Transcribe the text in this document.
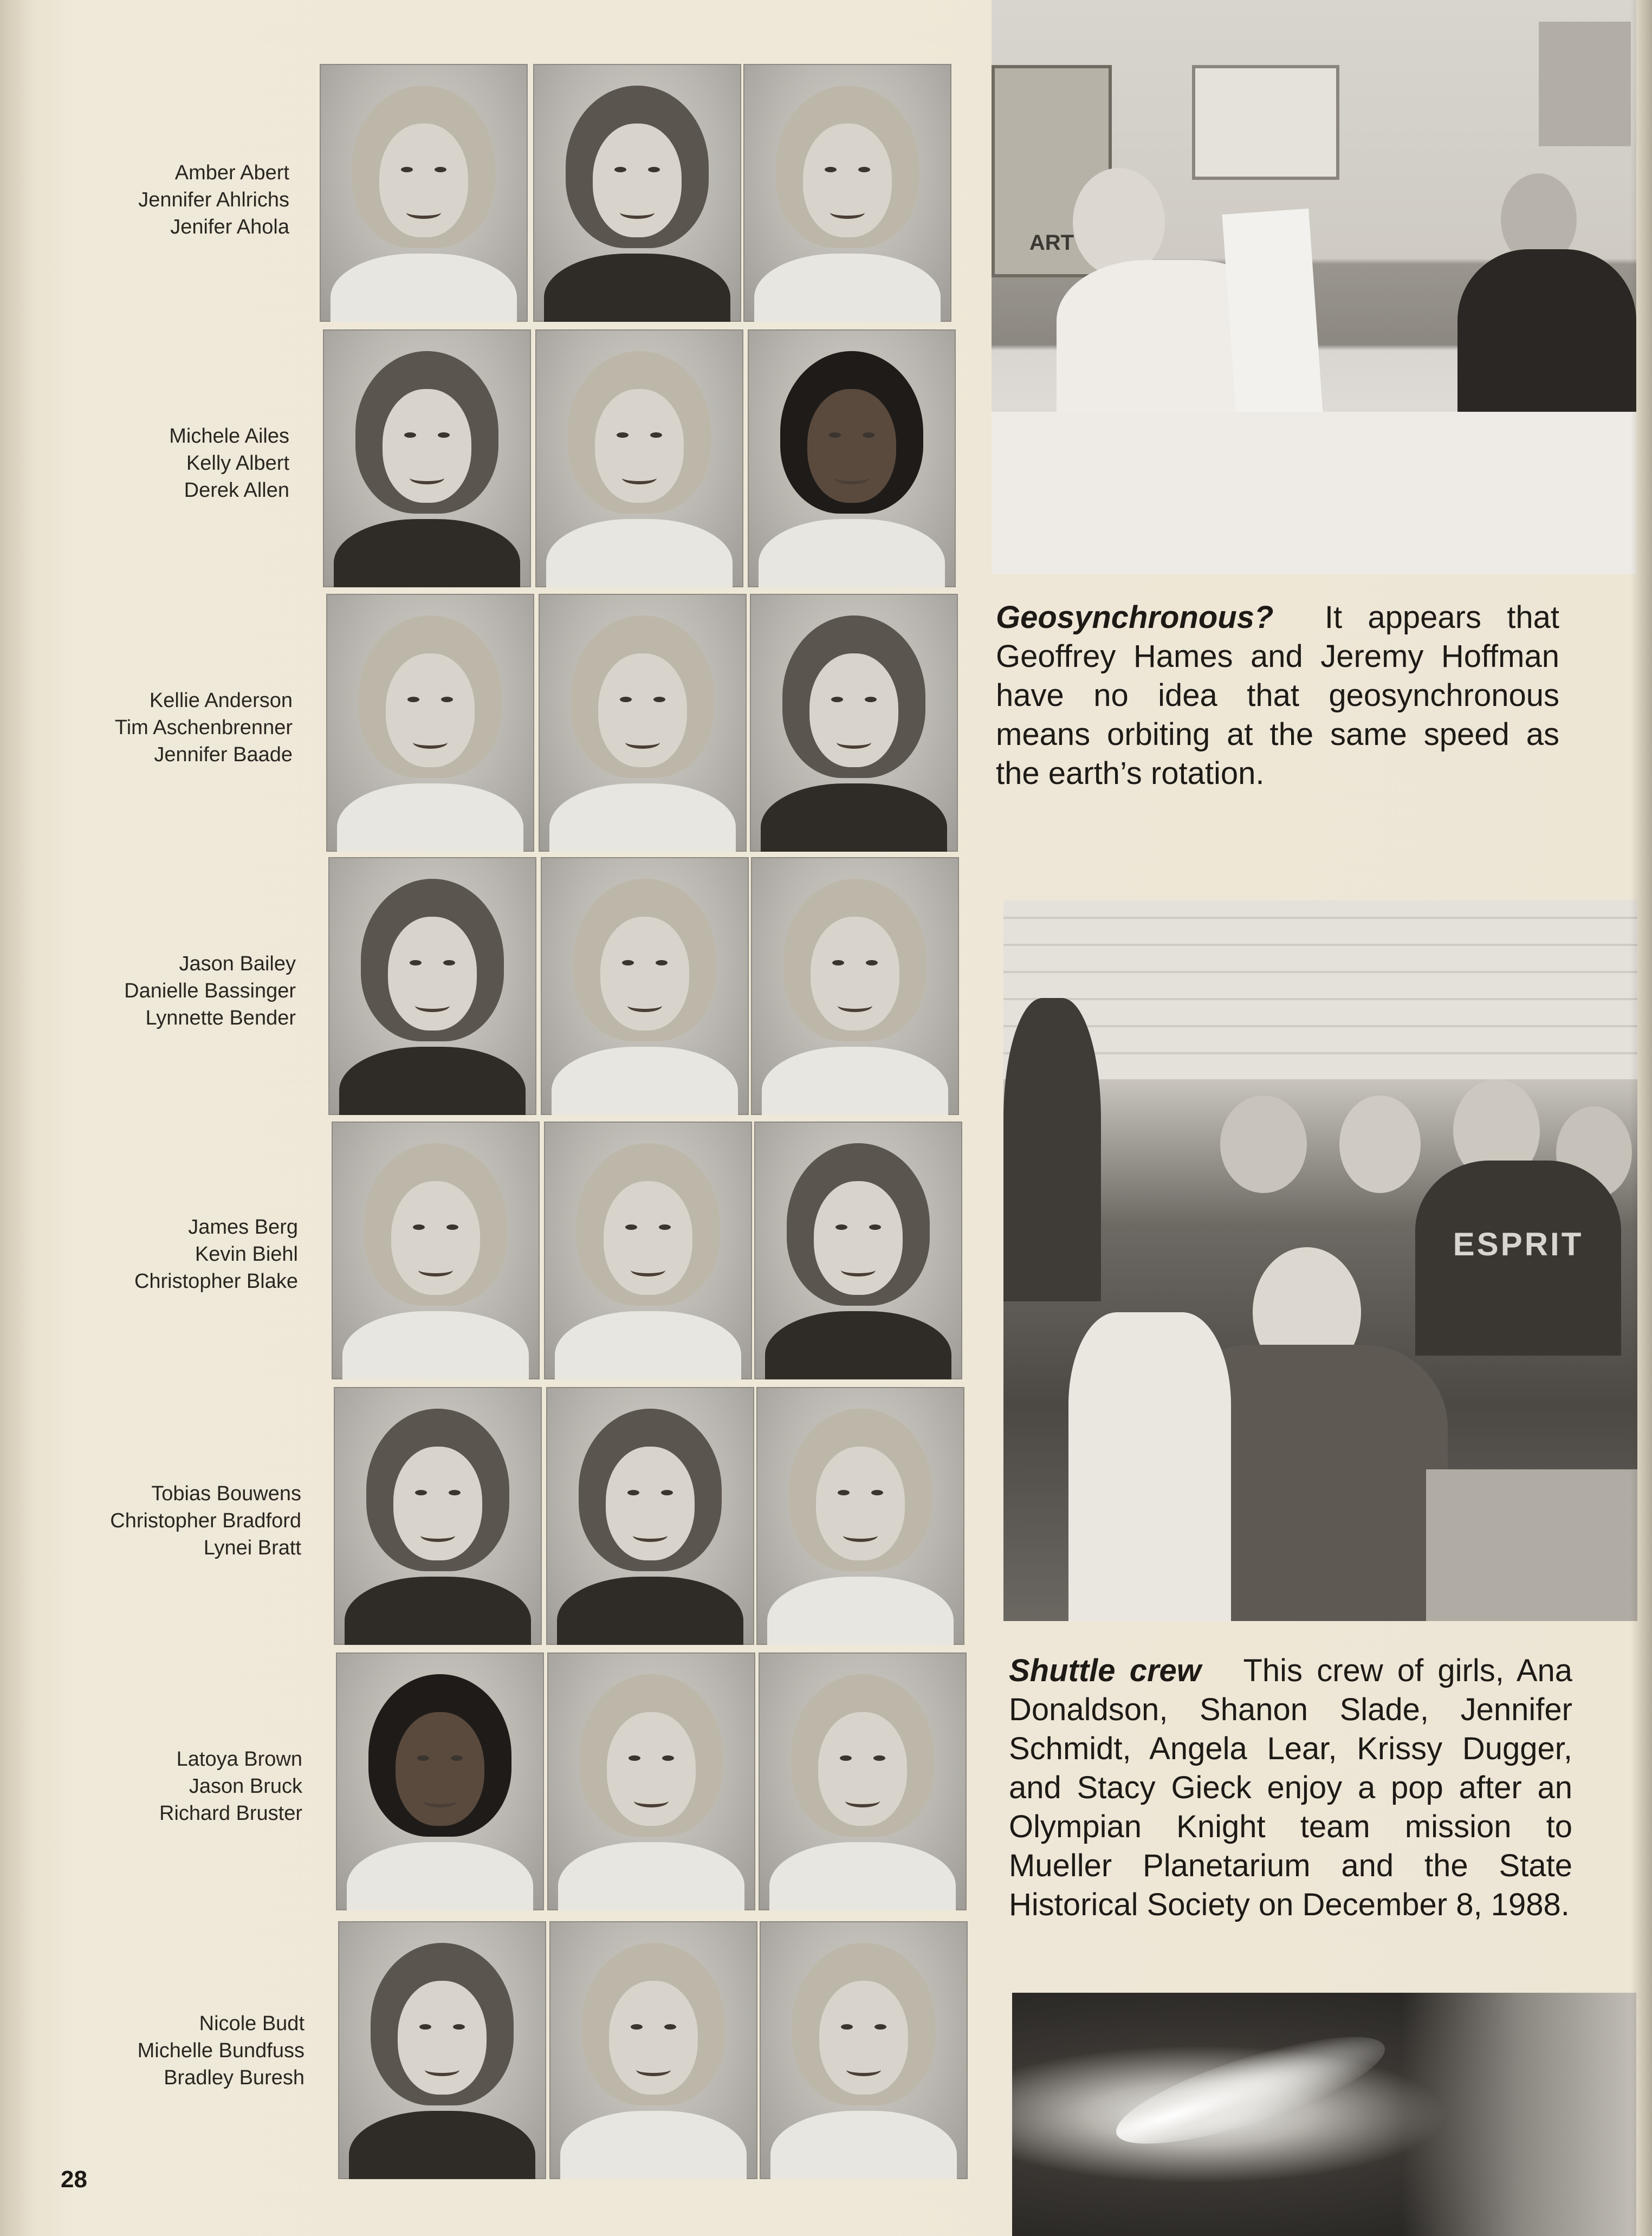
Amber Abert
Jennifer Ahlrichs
Jenifer Ahola
Michele Ailes
Kelly Albert
Derek Allen
Kellie Anderson
Tim Aschenbrenner
Jennifer Baade
Jason Bailey
Danielle Bassinger
Lynnette Bender
James Berg
Kevin Biehl
Christopher Blake
Tobias Bouwens
Christopher Bradford
Lynei Bratt
Latoya Brown
Jason Bruck
Richard Bruster
Nicole Budt
Michelle Bundfuss
Bradley Buresh
ART
Geosynchronous? It appears that Geoffrey Hames and Jeremy Hoffman have no idea that geosynchronous means orbiting at the same speed as the earth’s rotation.
ESPRIT
Shuttle crew This crew of girls, Ana Donaldson, Shanon Slade, Jennifer Schmidt, Angela Lear, Krissy Dugger, and Stacy Gieck enjoy a pop after an Olympian Knight team mission to Mueller Planetarium and the State Historical Society on December 8, 1988.
28
